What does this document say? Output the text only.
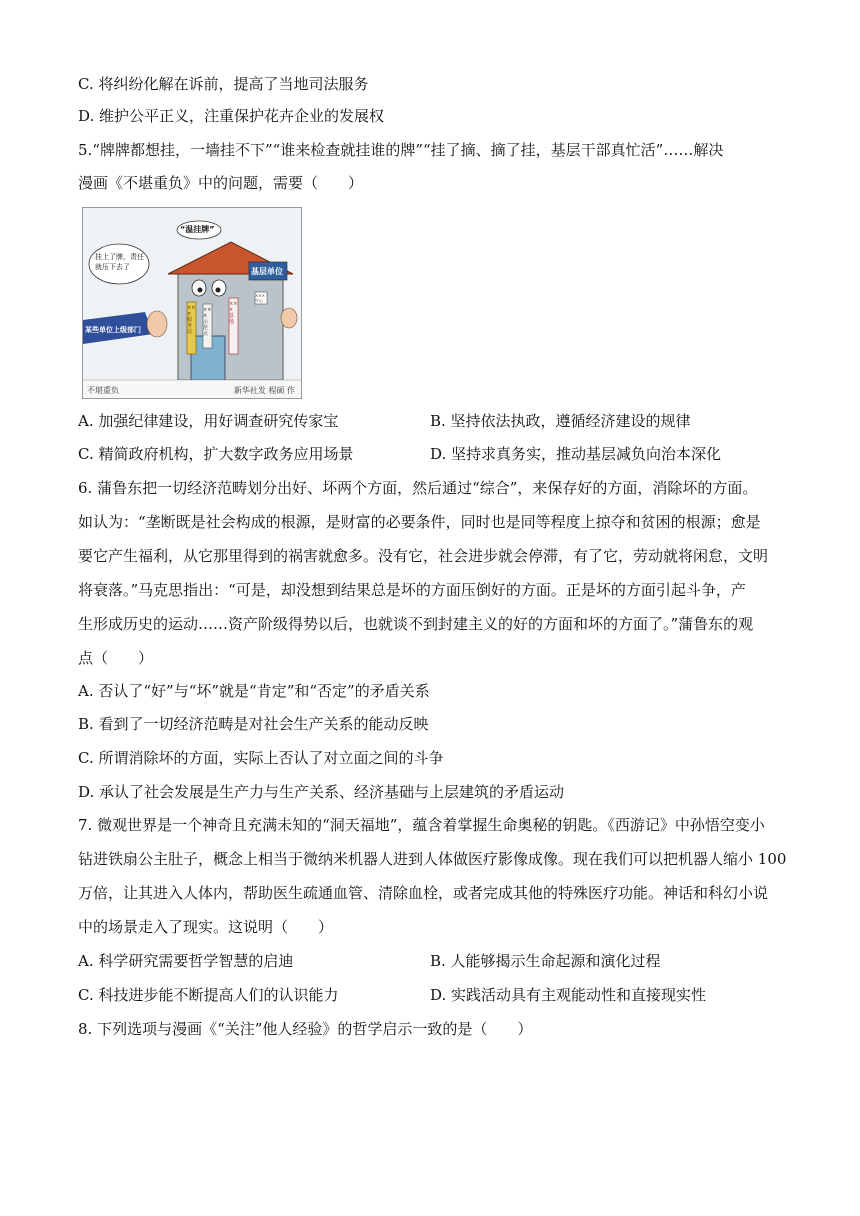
C. 将纠纷化解在诉前，提高了当地司法服务
D. 维护公平正义，注重保护花卉企业的发展权
5.“牌牌都想挂，一墙挂不下”“谁来检查就挂谁的牌”“挂了摘、摘了挂，基层干部真忙活”……解决
漫画《不堪重负》中的问题，需要（　　）
“温挂牌”
挂上了牌，责任就压下去了	基层单位
某些单位上级部门
×××服务站
×××示范点
×××基地
×××中心
不堪重负	新华社发 程硕 作
A. 加强纪律建设，用好调查研究传家宝	B. 坚持依法执政，遵循经济建设的规律
C. 精简政府机构，扩大数字政务应用场景	D. 坚持求真务实，推动基层减负向治本深化
6. 蒲鲁东把一切经济范畴划分出好、坏两个方面，然后通过“综合”，来保存好的方面，消除坏的方面。
如认为：“垄断既是社会构成的根源，是财富的必要条件，同时也是同等程度上掠夺和贫困的根源；愈是
要它产生福利，从它那里得到的祸害就愈多。没有它，社会进步就会停滞，有了它，劳动就将闲怠，文明
将衰落。”马克思指出：“可是，却没想到结果总是坏的方面压倒好的方面。正是坏的方面引起斗争，产
生形成历史的运动……资产阶级得势以后，也就谈不到封建主义的好的方面和坏的方面了。”蒲鲁东的观
点（　　）
A. 否认了“好”与“坏”就是“肯定”和“否定”的矛盾关系
B. 看到了一切经济范畴是对社会生产关系的能动反映
C. 所谓消除坏的方面，实际上否认了对立面之间的斗争
D. 承认了社会发展是生产力与生产关系、经济基础与上层建筑的矛盾运动
7. 微观世界是一个神奇且充满未知的“洞天福地”，蕴含着掌握生命奥秘的钥匙。《西游记》中孙悟空变小
钻进铁扇公主肚子，概念上相当于微纳米机器人进到人体做医疗影像成像。现在我们可以把机器人缩小 100
万倍，让其进入人体内，帮助医生疏通血管、清除血栓，或者完成其他的特殊医疗功能。神话和科幻小说
中的场景走入了现实。这说明（　　）
A. 科学研究需要哲学智慧的启迪	B. 人能够揭示生命起源和演化过程
C. 科技进步能不断提高人们的认识能力	D. 实践活动具有主观能动性和直接现实性
8. 下列选项与漫画《“关注”他人经验》的哲学启示一致的是（　　）
